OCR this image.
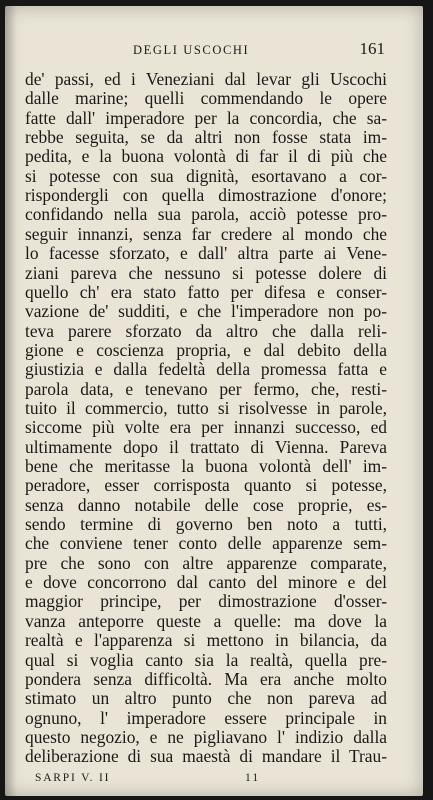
DEGLI USCOCHI	161
de' passi, ed i Veneziani dal levar gli Uscochi
dalle marine; quelli commendando le opere
fatte dall' imperadore per la concordia, che sa-
rebbe seguita, se da altri non fosse stata im-
pedita, e la buona volontà di far il di più che
si potesse con sua dignità, esortavano a cor-
rispondergli con quella dimostrazione d'onore;
confidando nella sua parola, acciò potesse pro-
seguir innanzi, senza far credere al mondo che
lo facesse sforzato, e dall' altra parte ai Vene-
ziani pareva che nessuno si potesse dolere di
quello ch' era stato fatto per difesa e conser-
vazione de' sudditi, e che l'imperadore non po-
teva parere sforzato da altro che dalla reli-
gione e coscienza propria, e dal debito della
giustizia e dalla fedeltà della promessa fatta e
parola data, e tenevano per fermo, che, resti-
tuito il commercio, tutto si risolvesse in parole,
siccome più volte era per innanzi successo, ed
ultimamente dopo il trattato di Vienna. Pareva
bene che meritasse la buona volontà dell' im-
peradore, esser corrisposta quanto si potesse,
senza danno notabile delle cose proprie, es-
sendo termine di governo ben noto a tutti,
che conviene tener conto delle apparenze sem-
pre che sono con altre apparenze comparate,
e dove concorrono dal canto del minore e del
maggior principe, per dimostrazione d'osser-
vanza anteporre queste a quelle: ma dove la
realtà e l'apparenza si mettono in bilancia, da
qual si voglia canto sia la realtà, quella pre-
pondera senza difficoltà. Ma era anche molto
stimato un altro punto che non pareva ad
ognuno, l' imperadore essere principale in
questo negozio, e ne pigliavano l' indizio dalla
deliberazione di sua maestà di mandare il Trau-
SARPI V. II	11
